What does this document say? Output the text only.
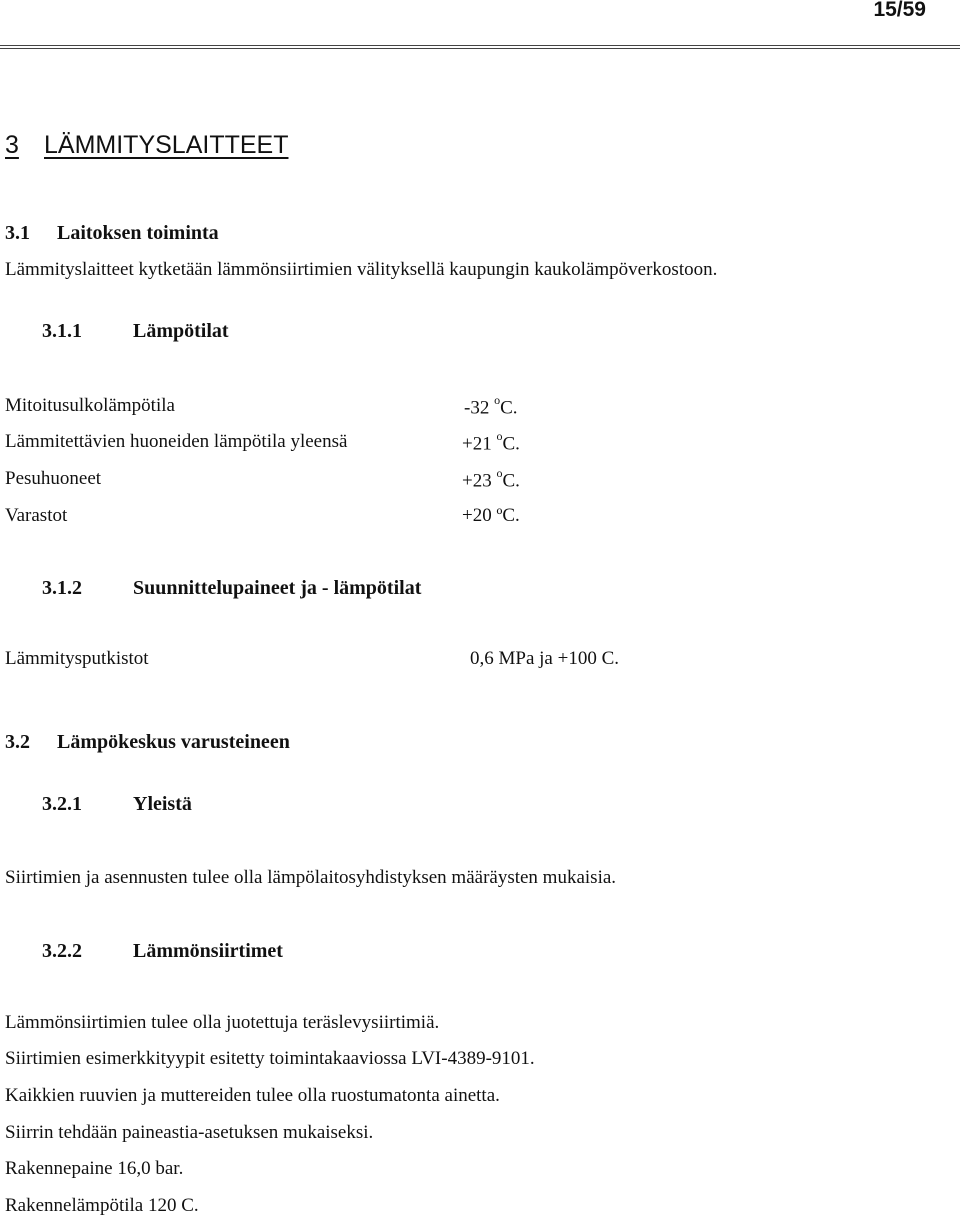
15/59
3 LÄMMITYSLAITTEET
3.1 Laitoksen toiminta
Lämmityslaitteet kytketään lämmönsiirtimien välityksellä kaupungin kaukolämpöverkostoon.
3.1.1	Lämpötilat
Mitoitusulkolämpötila	-32 $^o$C.
Lämmitettävien huoneiden lämpötila yleensä	+21 $^o$C.
Pesuhuoneet	+23 $^o$C.
Varastot	+20 ºC.
3.1.2	Suunnittelupaineet ja - lämpötilat
Lämmitysputkistot	0,6 MPa ja +100 C.
3.2 Lämpökeskus varusteineen
3.2.1	Yleistä
Siirtimien ja asennusten tulee olla lämpölaitosyhdistyksen määräysten mukaisia.
3.2.2	Lämmönsiirtimet
Lämmönsiirtimien tulee olla juotettuja teräslevysiirtimiä.
Siirtimien esimerkkityypit esitetty toimintakaaviossa LVI-4389-9101.
Kaikkien ruuvien ja muttereiden tulee olla ruostumatonta ainetta.
Siirrin tehdään paineastia-asetuksen mukaiseksi.
Rakennepaine 16,0 bar.
Rakennelämpötila 120 C.
